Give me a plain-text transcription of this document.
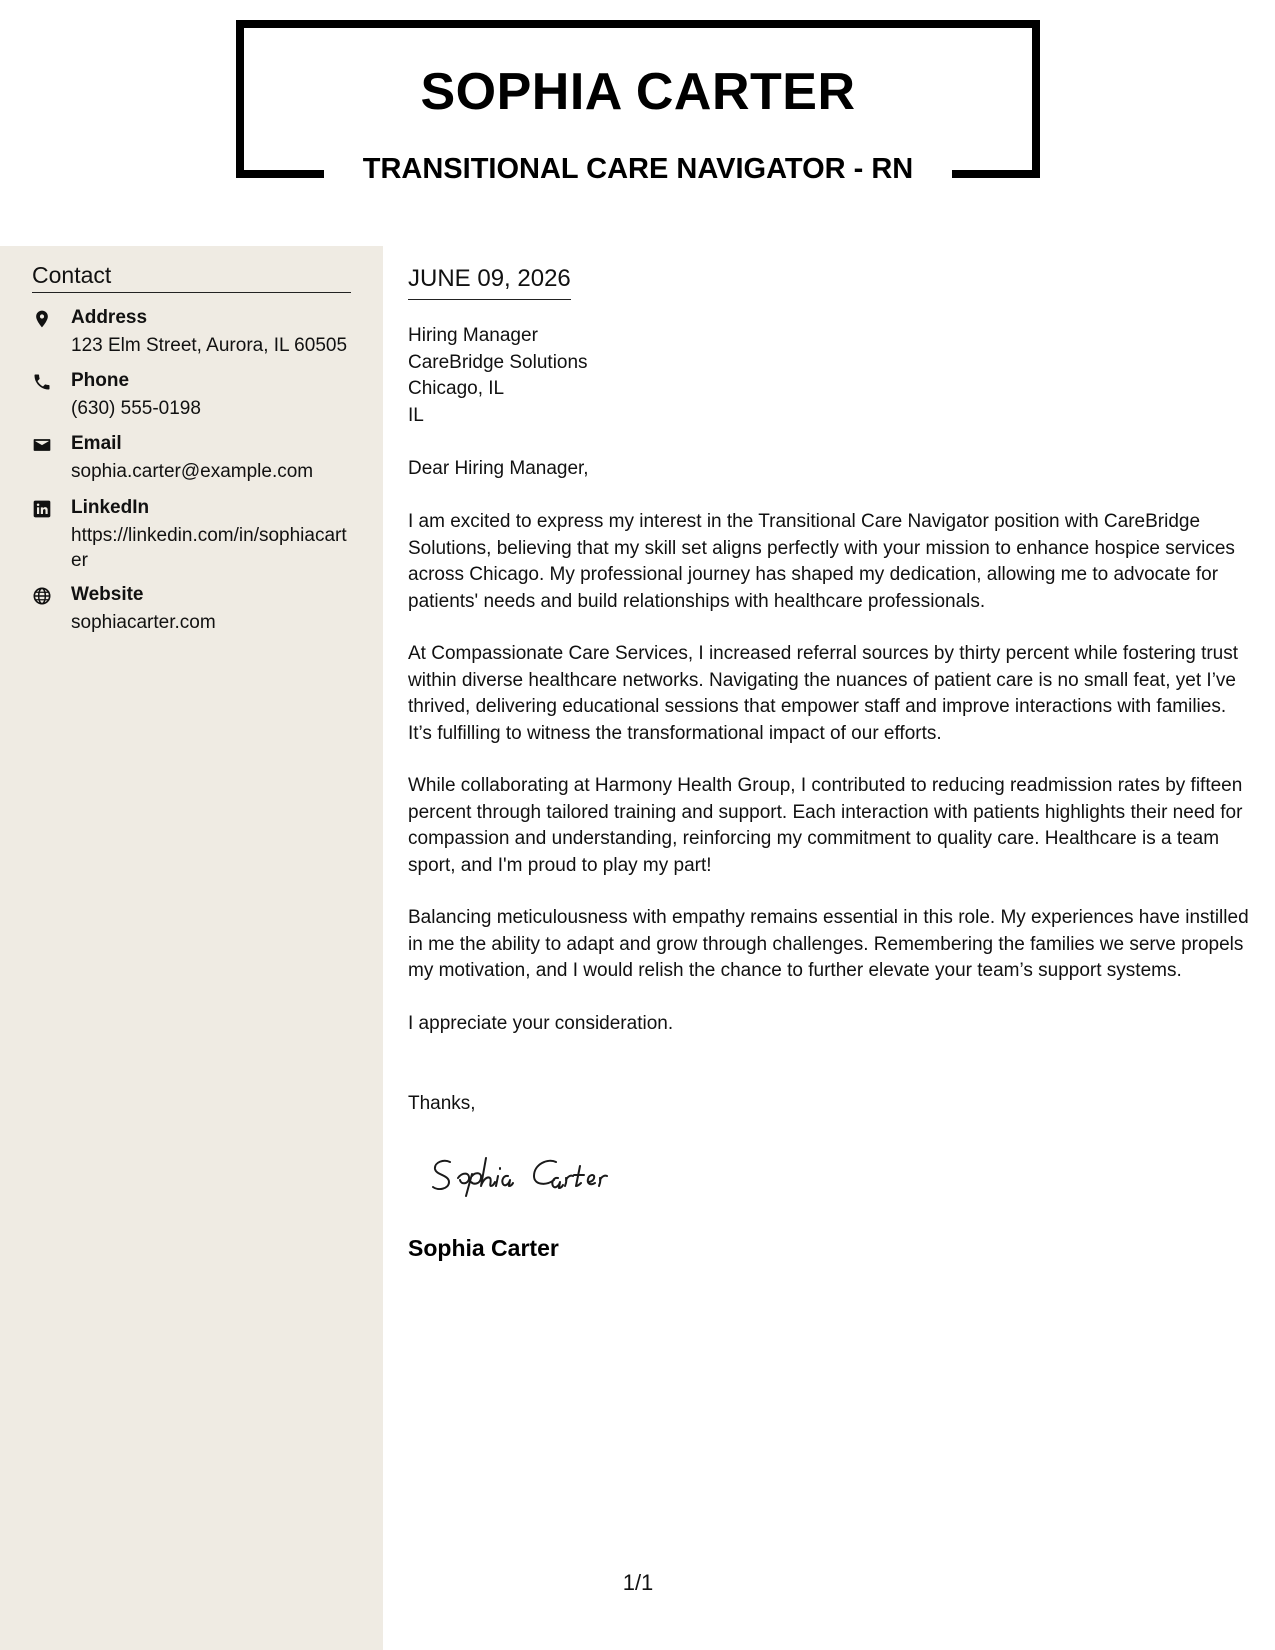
SOPHIA CARTER
TRANSITIONAL CARE NAVIGATOR - RN
Contact
Address
123 Elm Street, Aurora, IL 60505
Phone
(630) 555-0198
Email
sophia.carter@example.com
LinkedIn
https://linkedin.com/in/sophiacarter
Website
sophiacarter.com
JUNE 09, 2026
Hiring Manager
CareBridge Solutions
Chicago, IL
IL
Dear Hiring Manager,
I am excited to express my interest in the Transitional Care Navigator position with CareBridge Solutions, believing that my skill set aligns perfectly with your mission to enhance hospice services across Chicago. My professional journey has shaped my dedication, allowing me to advocate for patients' needs and build relationships with healthcare professionals.
At Compassionate Care Services, I increased referral sources by thirty percent while fostering trust within diverse healthcare networks. Navigating the nuances of patient care is no small feat, yet I’ve thrived, delivering educational sessions that empower staff and improve interactions with families. It’s fulfilling to witness the transformational impact of our efforts.
While collaborating at Harmony Health Group, I contributed to reducing readmission rates by fifteen percent through tailored training and support. Each interaction with patients highlights their need for compassion and understanding, reinforcing my commitment to quality care. Healthcare is a team sport, and I'm proud to play my part!
Balancing meticulousness with empathy remains essential in this role. My experiences have instilled in me the ability to adapt and grow through challenges. Remembering the families we serve propels my motivation, and I would relish the chance to further elevate your team’s support systems.
I appreciate your consideration.
Thanks,
Sophia Carter
1/1
